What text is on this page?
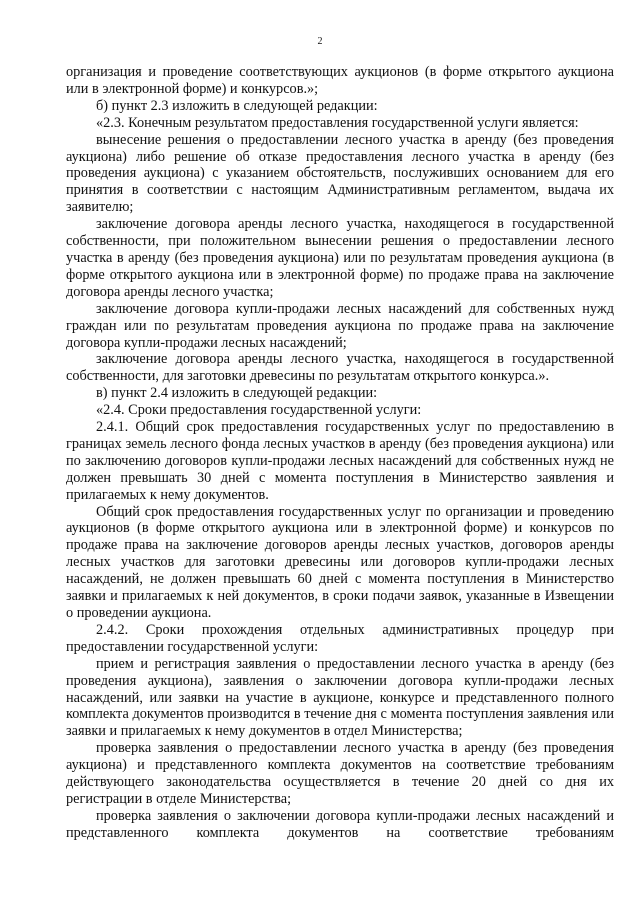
2

организация и проведение соответствующих аукционов (в форме открытого аукциона или в электронной форме) и конкурсов.»;

б) пункт 2.3 изложить в следующей редакции:

«2.3. Конечным результатом предоставления государственной услуги является:

вынесение решения о предоставлении лесного участка в аренду (без проведения аукциона) либо решение об отказе предоставления лесного участка в аренду (без проведения аукциона) с указанием обстоятельств, послуживших основанием для его принятия в соответствии с настоящим Административным регламентом, выдача их заявителю;

заключение договора аренды лесного участка, находящегося в государственной собственности, при положительном вынесении решения о предоставлении лесного участка в аренду (без проведения аукциона) или по результатам проведения аукциона (в форме открытого аукциона или в электронной форме) по продаже права на заключение договора аренды лесного участка;

заключение договора купли-продажи лесных насаждений для собственных нужд граждан или по результатам проведения аукциона по продаже права на заключение договора купли-продажи лесных насаждений;

заключение договора аренды лесного участка, находящегося в государственной собственности, для заготовки древесины по результатам открытого конкурса.».

в) пункт 2.4 изложить в следующей редакции:

«2.4. Сроки предоставления государственной услуги:

2.4.1. Общий срок предоставления государственных услуг по предоставлению в границах земель лесного фонда лесных участков в аренду (без проведения аукциона) или по заключению договоров купли-продажи лесных насаждений для собственных нужд не должен превышать 30 дней с момента поступления в Министерство заявления и прилагаемых к нему документов.

Общий срок предоставления государственных услуг по организации и проведению аукционов (в форме открытого аукциона или в электронной форме) и конкурсов по продаже права на заключение договоров аренды лесных участков, договоров аренды лесных участков для заготовки древесины или договоров купли-продажи лесных насаждений, не должен превышать 60 дней с момента поступления в Министерство заявки и прилагаемых к ней документов, в сроки подачи заявок, указанные в Извещении о проведении аукциона.

2.4.2. Сроки прохождения отдельных административных процедур при предоставлении государственной услуги:

прием и регистрация заявления о предоставлении лесного участка в аренду (без проведения аукциона), заявления о заключении договора купли-продажи лесных насаждений, или заявки на участие в аукционе, конкурсе и представленного полного комплекта документов производится в течение дня с момента поступления заявления или заявки и прилагаемых к нему документов в отдел Министерства;

проверка заявления о предоставлении лесного участка в аренду (без проведения аукциона) и представленного комплекта документов на соответствие требованиям действующего законодательства осуществляется в течение 20 дней со дня их регистрации в отделе Министерства;

проверка заявления о заключении договора купли-продажи лесных насаждений и представленного комплекта документов на соответствие требованиям
